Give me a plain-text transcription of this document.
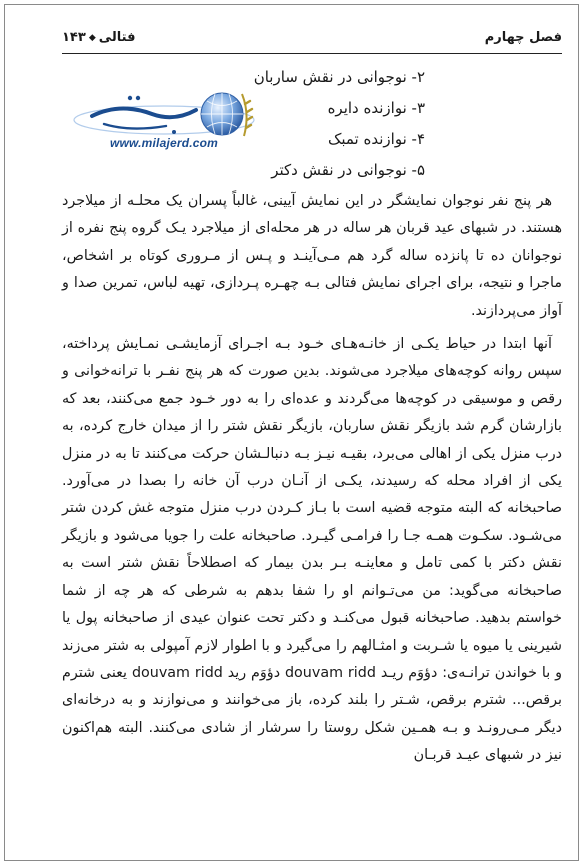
فصل چهارم
فتالی◆۱۴۳
www.milajerd.com
۲- نوجوانی در نقش ساربان
۳- نوازنده دایره
۴- نوازنده تمبک
۵- نوجوانی در نقش دکتر

هر پنج نفر نوجوان نمایشگر در این نمایش آیینی، غالباً پسران یک محلـه از میلاجرد هستند. در شبهای عید قربان هر ساله در هر محله‌ای از میلاجرد یـک گروه پنج نفره از نوجوانان ده تا پانزده ساله گرد هم مـی‌آینـد و پـس از مـروری کوتاه بر اشخاص، ماجرا و نتیجه، برای اجرای نمایش فتالی بـه چهـره پـردازی، تهیه لباس، تمرین صدا و آواز می‌پردازند.

آنها ابتدا در حیاط یکـی از خانـه‌هـای خـود بـه اجـرای آزمایشـی نمـایش پرداخته، سپس روانه کوچه‌های میلاجرد می‌شوند. بدین صورت که هر پنج نفـر با ترانه‌خوانی و رقص و موسیقی در کوچه‌ها می‌گردند و عده‌ای را به دور خـود جمع می‌کنند، بعد که بازارشان گرم شد بازیگر نقش ساربان، بازیگر نقش شتر را از میدان خارج کرده، به درب منزل یکی از اهالی می‌برد، بقیـه نیـز بـه دنبالـشان حرکت می‌کنند تا به در منزل یکی از افراد محله که رسیدند، یکـی از آنـان درب آن خانه را بصدا در می‌آورد. صاحبخانه که البته متوجه قضیه است با بـاز کـردن درب منزل متوجه غش کردن شتر می‌شـود. سکـوت همـه جـا را فرامـی گیـرد. صاحبخانه علت را جویا می‌شود و بازیگر نقش دکتر با کمی تامل و معاینـه بـر بدن بیمار که اصطلاحاً نقش شتر است به صاحبخانه می‌گوید: من می‌تـوانم او را شفا بدهم به شرطی که هر چه از شما خواستم بدهید. صاحبخانه قبول می‌کنـد و دکتر تحت عنوان عیدی از صاحبخانه پول یا شیرینی یا میوه یا شـربت و امثـالهم را می‌گیرد و با اطوار لازم آمپولی به شتر می‌زند و با خواندن ترانـه‌ی: دؤوَم ریـد douvam ridd دؤوَم رید douvam ridd یعنی شترم برقص... شترم برقص، شـتر را بلند کرده، باز می‌خوانند و می‌نوازند و به درخانه‌ای دیگر مـی‌رونـد و بـه همـین شکل روستا را سرشار از شادی می‌کنند. البته هم‌اکنون نیز در شبهای عیـد قربـان
